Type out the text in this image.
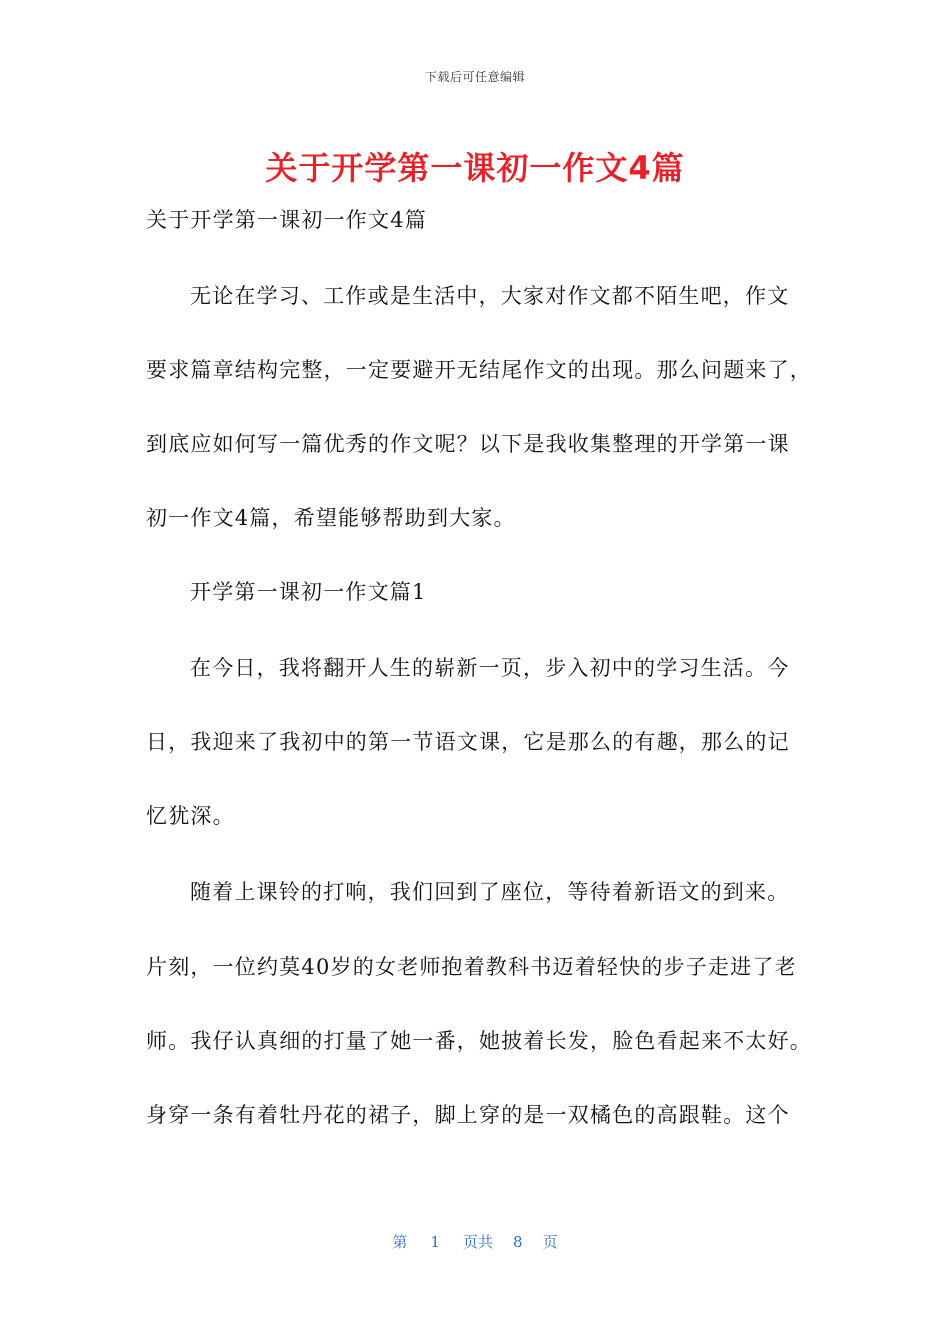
下载后可任意编辑
关于开学第一课初一作文4篇
关于开学第一课初一作文4篇
无论在学习、工作或是生活中，大家对作文都不陌生吧，作文
要求篇章结构完整，一定要避开无结尾作文的出现。那么问题来了，
到底应如何写一篇优秀的作文呢？以下是我收集整理的开学第一课
初一作文4篇，希望能够帮助到大家。
开学第一课初一作文篇1
在今日，我将翻开人生的崭新一页，步入初中的学习生活。今
日，我迎来了我初中的第一节语文课，它是那么的有趣，那么的记
忆犹深。
随着上课铃的打响，我们回到了座位，等待着新语文的到来。
片刻，一位约莫40岁的女老师抱着教科书迈着轻快的步子走进了老
师。我仔认真细的打量了她一番，她披着长发，脸色看起来不太好。
身穿一条有着牡丹花的裙子，脚上穿的是一双橘色的高跟鞋。这个
第 1 页共 8 页
